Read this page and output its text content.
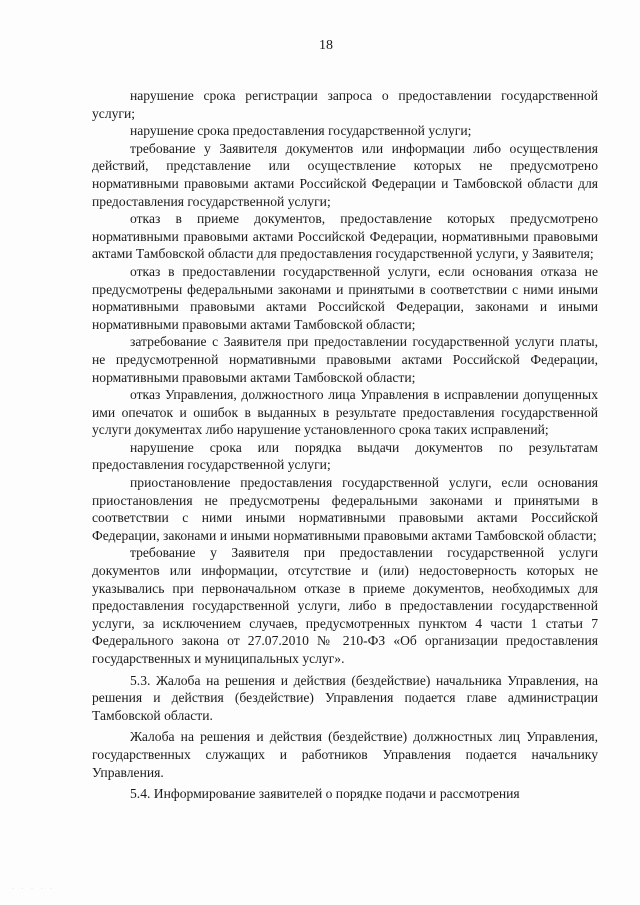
18

нарушение срока регистрации запроса о предоставлении государственной услуги;

нарушение срока предоставления государственной услуги;

требование у Заявителя документов или информации либо осуществления действий, представление или осуществление которых не предусмотрено нормативными правовыми актами Российской Федерации и Тамбовской области для предоставления государственной услуги;

отказ в приеме документов, предоставление которых предусмотрено нормативными правовыми актами Российской Федерации, нормативными правовыми актами Тамбовской области для предоставления государственной услуги, у Заявителя;

отказ в предоставлении государственной услуги, если основания отказа не предусмотрены федеральными законами и принятыми в соответствии с ними иными нормативными правовыми актами Российской Федерации, законами и иными нормативными правовыми актами Тамбовской области;

затребование с Заявителя при предоставлении государственной услуги платы, не предусмотренной нормативными правовыми актами Российской Федерации, нормативными правовыми актами Тамбовской области;

отказ Управления, должностного лица Управления в исправлении допущенных ими опечаток и ошибок в выданных в результате предоставления государственной услуги документах либо нарушение установленного срока таких исправлений;

нарушение срока или порядка выдачи документов по результатам предоставления государственной услуги;

приостановление предоставления государственной услуги, если основания приостановления не предусмотрены федеральными законами и принятыми в соответствии с ними иными нормативными правовыми актами Российской Федерации, законами и иными нормативными правовыми актами Тамбовской области;

требование у Заявителя при предоставлении государственной услуги документов или информации, отсутствие и (или) недостоверность которых не указывались при первоначальном отказе в приеме документов, необходимых для предоставления государственной услуги, либо в предоставлении государственной услуги, за исключением случаев, предусмотренных пунктом 4 части 1 статьи 7 Федерального закона от 27.07.2010 № 210-ФЗ «Об организации предоставления государственных и муниципальных услуг».

5.3. Жалоба на решения и действия (бездействие) начальника Управления, на решения и действия (бездействие) Управления подается главе администрации Тамбовской области.

Жалоба на решения и действия (бездействие) должностных лиц Управления, государственных служащих и работников Управления подается начальнику Управления.

5.4. Информирование заявителей о порядке подачи и рассмотрения

· · · · ·
